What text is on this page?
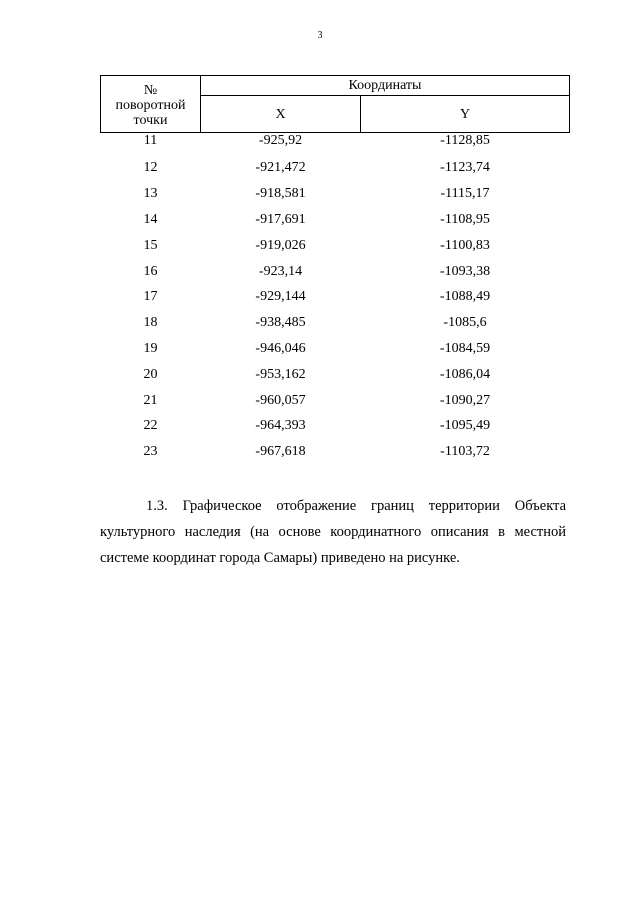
3
№
поворотной
точки	Координаты	
	X	Y
11	-925,92	-1128,85
12	-921,472	-1123,74
13	-918,581	-1115,17
14	-917,691	-1108,95
15	-919,026	-1100,83
16	-923,14	-1093,38
17	-929,144	-1088,49
18	-938,485	-1085,6
19	-946,046	-1084,59
20	-953,162	-1086,04
21	-960,057	-1090,27
22	-964,393	-1095,49
23	-967,618	-1103,72

1.3. Графическое отображение границ территории Объекта культурного наследия (на основе координатного описания в местной системе координат города Самары) приведено на рисунке.
